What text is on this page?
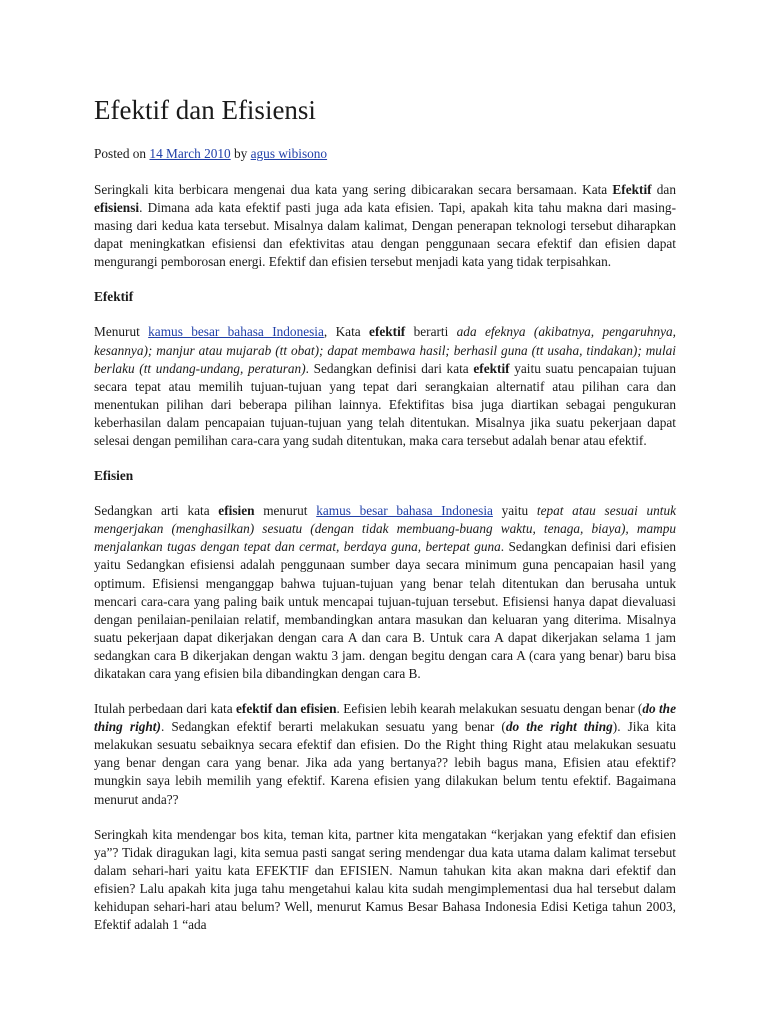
Efektif dan Efisiensi
Posted on 14 March 2010 by agus wibisono

Seringkali kita berbicara mengenai dua kata yang sering dibicarakan secara bersamaan. Kata Efektif dan efisiensi. Dimana ada kata efektif pasti juga ada kata efisien. Tapi, apakah kita tahu makna dari masing-masing dari kedua kata tersebut. Misalnya dalam kalimat, Dengan penerapan teknologi tersebut diharapkan dapat meningkatkan efisiensi dan efektivitas atau dengan penggunaan secara efektif dan efisien dapat mengurangi pemborosan energi. Efektif dan efisien tersebut menjadi kata yang tidak terpisahkan.

Efektif

Menurut kamus besar bahasa Indonesia, Kata efektif berarti ada efeknya (akibatnya, pengaruhnya, kesannya); manjur atau mujarab (tt obat); dapat membawa hasil; berhasil guna (tt usaha, tindakan); mulai berlaku (tt undang-undang, peraturan). Sedangkan definisi dari kata efektif yaitu suatu pencapaian tujuan secara tepat atau memilih tujuan-tujuan yang tepat dari serangkaian alternatif atau pilihan cara dan menentukan pilihan dari beberapa pilihan lainnya. Efektifitas bisa juga diartikan sebagai pengukuran keberhasilan dalam pencapaian tujuan-tujuan yang telah ditentukan. Misalnya jika suatu pekerjaan dapat selesai dengan pemilihan cara-cara yang sudah ditentukan, maka cara tersebut adalah benar atau efektif.

Efisien

Sedangkan arti kata efisien menurut kamus besar bahasa Indonesia yaitu tepat atau sesuai untuk mengerjakan (menghasilkan) sesuatu (dengan tidak membuang-buang waktu, tenaga, biaya), mampu menjalankan tugas dengan tepat dan cermat, berdaya guna, bertepat guna. Sedangkan definisi dari efisien yaitu Sedangkan efisiensi adalah penggunaan sumber daya secara minimum guna pencapaian hasil yang optimum. Efisiensi menganggap bahwa tujuan-tujuan yang benar telah ditentukan dan berusaha untuk mencari cara-cara yang paling baik untuk mencapai tujuan-tujuan tersebut. Efisiensi hanya dapat dievaluasi dengan penilaian-penilaian relatif, membandingkan antara masukan dan keluaran yang diterima. Misalnya suatu pekerjaan dapat dikerjakan dengan cara A dan cara B. Untuk cara A dapat dikerjakan selama 1 jam sedangkan cara B dikerjakan dengan waktu 3 jam. dengan begitu dengan cara A (cara yang benar) baru bisa dikatakan cara yang efisien bila dibandingkan dengan cara B.

Itulah perbedaan dari kata efektif dan efisien. Eefisien lebih kearah melakukan sesuatu dengan benar (do the thing right). Sedangkan efektif berarti melakukan sesuatu yang benar (do the right thing). Jika kita melakukan sesuatu sebaiknya secara efektif dan efisien. Do the Right thing Right atau melakukan sesuatu yang benar dengan cara yang benar. Jika ada yang bertanya?? lebih bagus mana, Efisien atau efektif? mungkin saya lebih memilih yang efektif. Karena efisien yang dilakukan belum tentu efektif. Bagaimana menurut anda??

Seringkah kita mendengar bos kita, teman kita, partner kita mengatakan “kerjakan yang efektif dan efisien ya”? Tidak diragukan lagi, kita semua pasti sangat sering mendengar dua kata utama dalam kalimat tersebut dalam sehari-hari yaitu kata EFEKTIF dan EFISIEN. Namun tahukan kita akan makna dari efektif dan efisien? Lalu apakah kita juga tahu mengetahui kalau kita sudah mengimplementasi dua hal tersebut dalam kehidupan sehari-hari atau belum? Well, menurut Kamus Besar Bahasa Indonesia Edisi Ketiga tahun 2003, Efektif adalah 1 “ada
